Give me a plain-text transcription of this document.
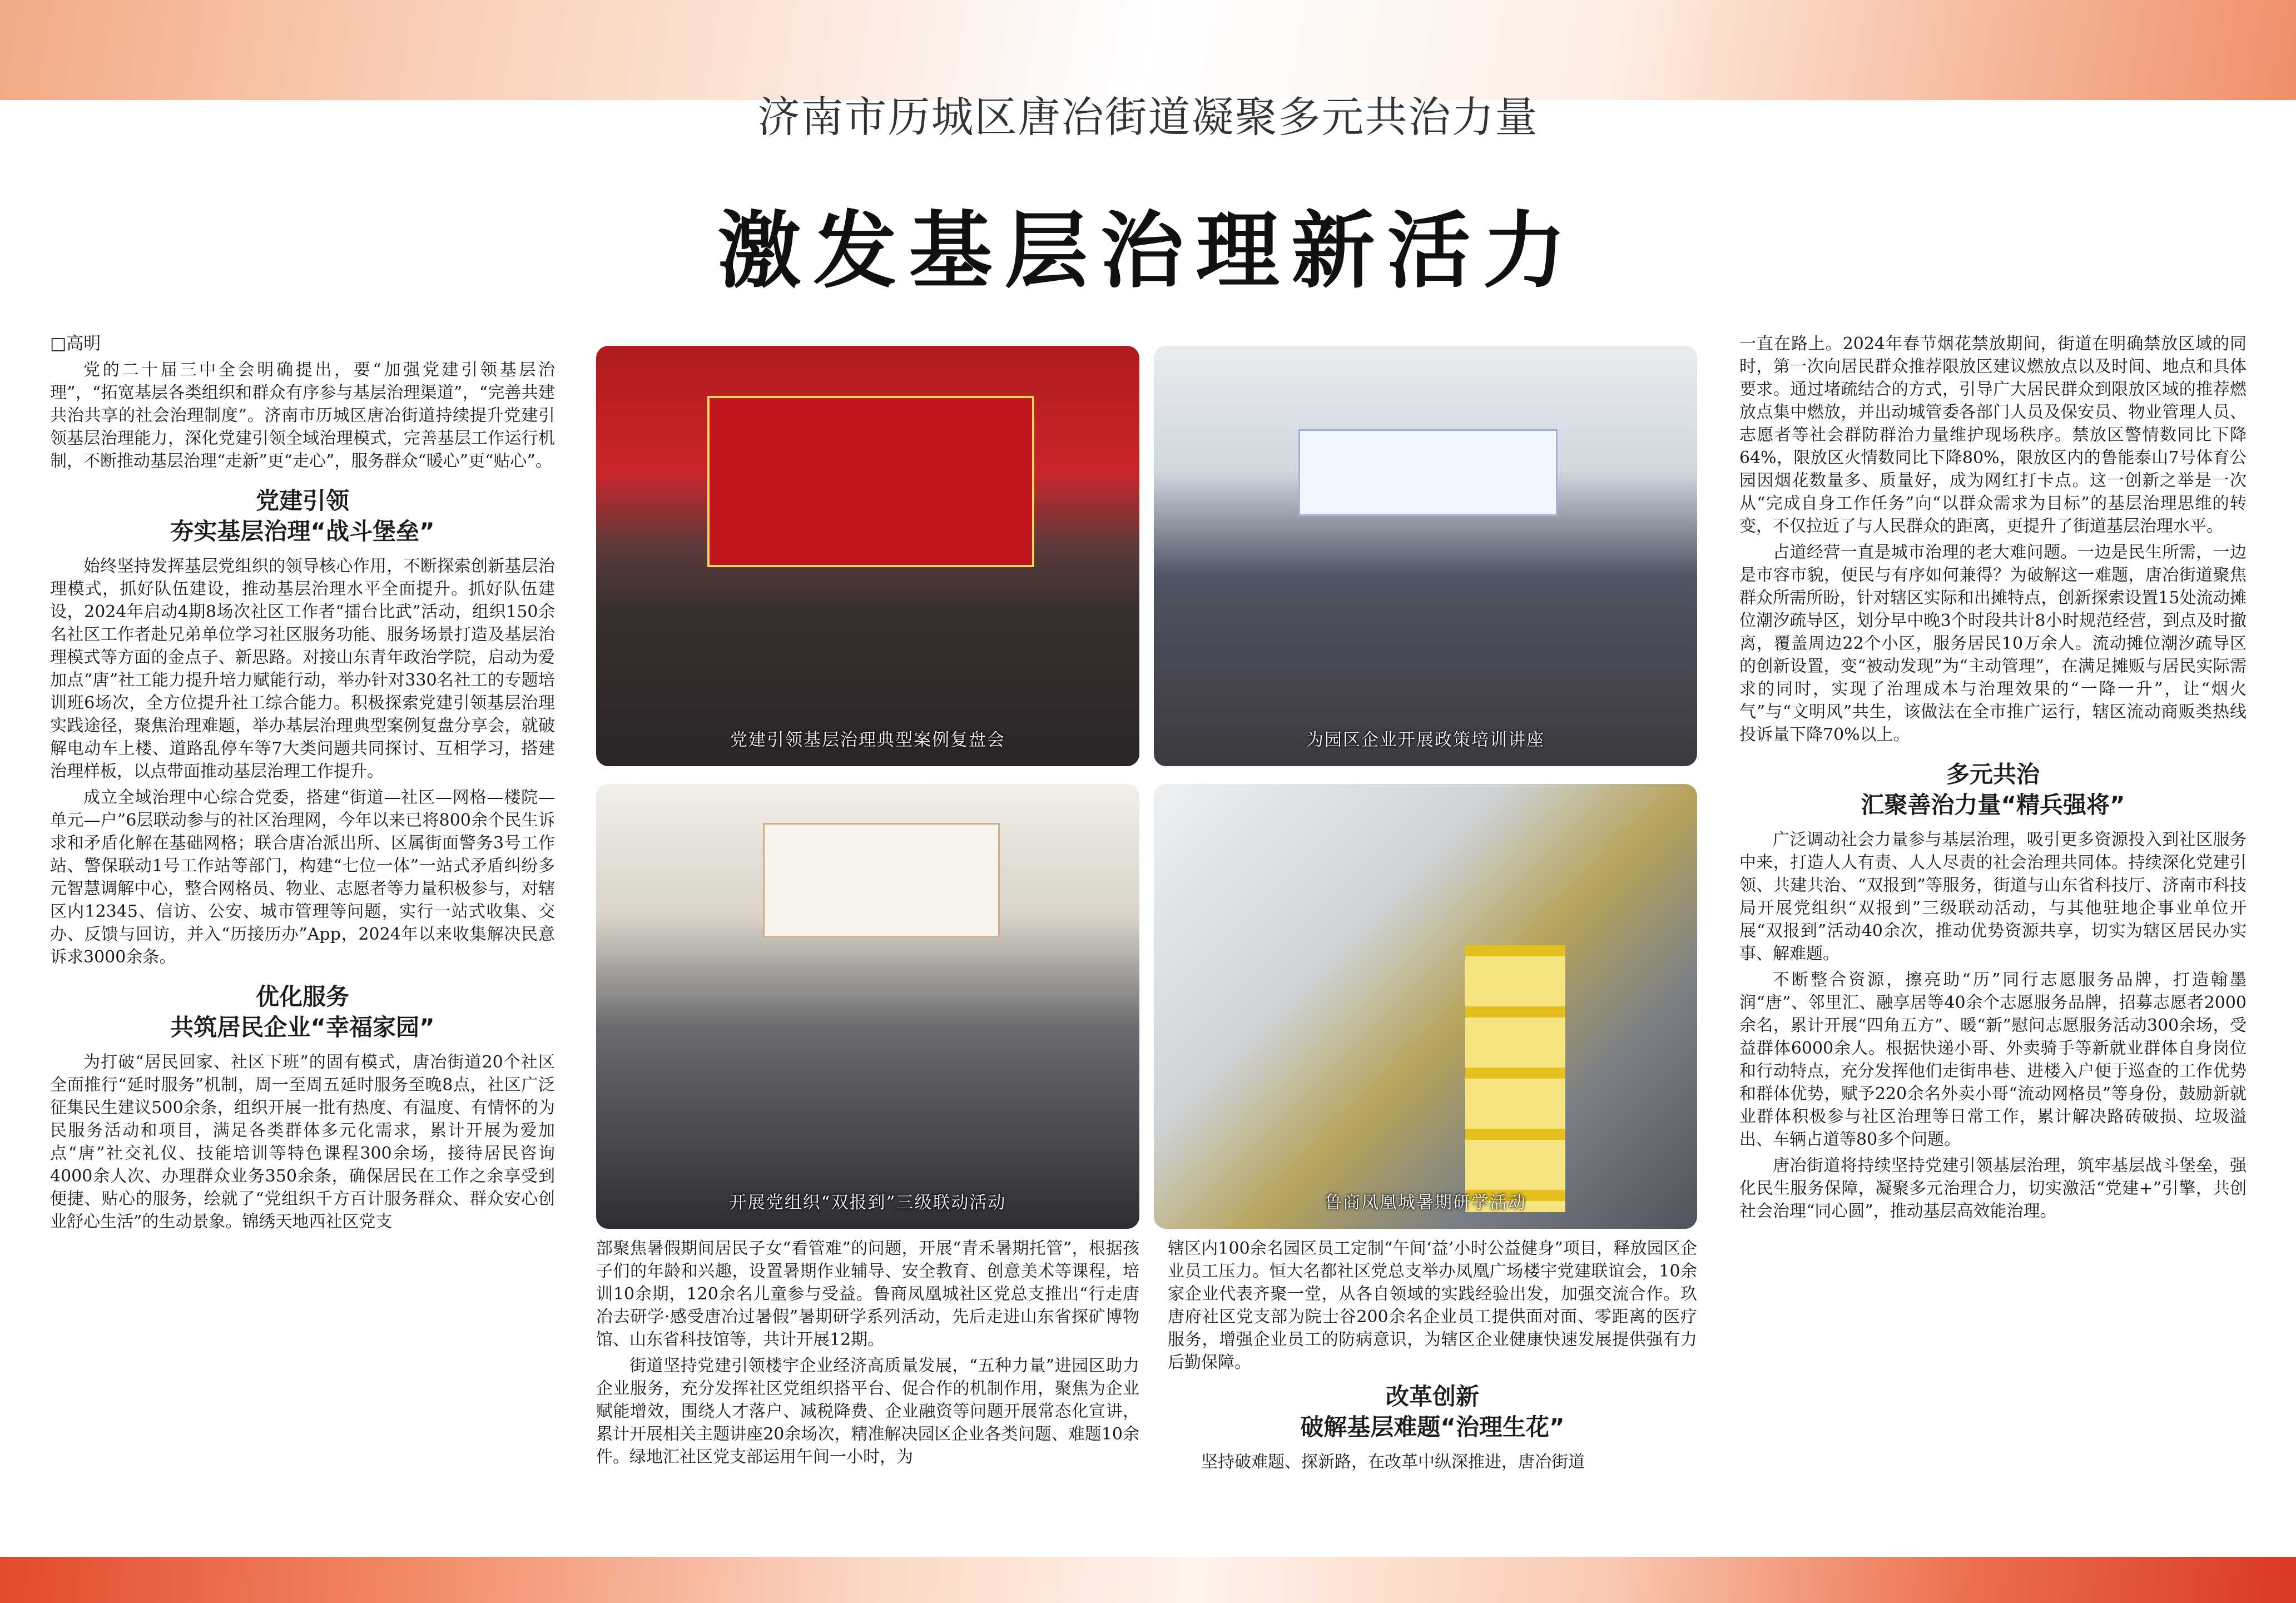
济南市历城区唐冶街道凝聚多元共治力量
激发基层治理新活力

□高明

党的二十届三中全会明确提出，要“加强党建引领基层治理”，“拓宽基层各类组织和群众有序参与基层治理渠道”，“完善共建共治共享的社会治理制度”。济南市历城区唐冶街道持续提升党建引领基层治理能力，深化党建引领全域治理模式，完善基层工作运行机制，不断推动基层治理“走新”更“走心”，服务群众“暖心”更“贴心”。

党建引领
夯实基层治理“战斗堡垒”

始终坚持发挥基层党组织的领导核心作用，不断探索创新基层治理模式，抓好队伍建设，推动基层治理水平全面提升。抓好队伍建设，2024年启动4期8场次社区工作者“擂台比武”活动，组织150余名社区工作者赴兄弟单位学习社区服务功能、服务场景打造及基层治理模式等方面的金点子、新思路。对接山东青年政治学院，启动为爱加点“唐”社工能力提升培力赋能行动，举办针对330名社工的专题培训班6场次，全方位提升社工综合能力。积极探索党建引领基层治理实践途径，聚焦治理难题，举办基层治理典型案例复盘分享会，就破解电动车上楼、道路乱停车等7大类问题共同探讨、互相学习，搭建治理样板，以点带面推动基层治理工作提升。

成立全域治理中心综合党委，搭建“街道—社区—网格—楼院—单元—户”6层联动参与的社区治理网，今年以来已将800余个民生诉求和矛盾化解在基础网格；联合唐冶派出所、区属街面警务3号工作站、警保联动1号工作站等部门，构建“七位一体”一站式矛盾纠纷多元智慧调解中心，整合网格员、物业、志愿者等力量积极参与，对辖区内12345、信访、公安、城市管理等问题，实行一站式收集、交办、反馈与回访，并入“历接历办”App，2024年以来收集解决民意诉求3000余条。

优化服务
共筑居民企业“幸福家园”

为打破“居民回家、社区下班”的固有模式，唐冶街道20个社区全面推行“延时服务”机制，周一至周五延时服务至晚8点，社区广泛征集民生建议500余条，组织开展一批有热度、有温度、有情怀的为民服务活动和项目，满足各类群体多元化需求，累计开展为爱加点“唐”社交礼仪、技能培训等特色课程300余场，接待居民咨询4000余人次、办理群众业务350余条，确保居民在工作之余享受到便捷、贴心的服务，绘就了“党组织千方百计服务群众、群众安心创业舒心生活”的生动景象。锦绣天地西社区党支

党建引领基层治理典型案例复盘会	为园区企业开展政策培训讲座
开展党组织“双报到”三级联动活动	鲁商凤凰城暑期研学活动

部聚焦暑假期间居民子女“看管难”的问题，开展“青禾暑期托管”，根据孩子们的年龄和兴趣，设置暑期作业辅导、安全教育、创意美术等课程，培训10余期，120余名儿童参与受益。鲁商凤凰城社区党总支推出“行走唐冶去研学·感受唐冶过暑假”暑期研学系列活动，先后走进山东省探矿博物馆、山东省科技馆等，共计开展12期。

街道坚持党建引领楼宇企业经济高质量发展，“五种力量”进园区助力企业服务，充分发挥社区党组织搭平台、促合作的机制作用，聚焦为企业赋能增效，围绕人才落户、减税降费、企业融资等问题开展常态化宣讲，累计开展相关主题讲座20余场次，精准解决园区企业各类问题、难题10余件。绿地汇社区党支部运用午间一小时，为

辖区内100余名园区员工定制“午间‘益’小时公益健身”项目，释放园区企业员工压力。恒大名都社区党总支举办凤凰广场楼宇党建联谊会，10余家企业代表齐聚一堂，从各自领域的实践经验出发，加强交流合作。玖唐府社区党支部为院士谷200余名企业员工提供面对面、零距离的医疗服务，增强企业员工的防病意识，为辖区企业健康快速发展提供强有力后勤保障。

改革创新
破解基层难题“治理生花”

坚持破难题、探新路，在改革中纵深推进，唐冶街道

一直在路上。2024年春节烟花禁放期间，街道在明确禁放区域的同时，第一次向居民群众推荐限放区建议燃放点以及时间、地点和具体要求。通过堵疏结合的方式，引导广大居民群众到限放区域的推荐燃放点集中燃放，并出动城管委各部门人员及保安员、物业管理人员、志愿者等社会群防群治力量维护现场秩序。禁放区警情数同比下降64%，限放区火情数同比下降80%，限放区内的鲁能泰山7号体育公园因烟花数量多、质量好，成为网红打卡点。这一创新之举是一次从“完成自身工作任务”向“以群众需求为目标”的基层治理思维的转变，不仅拉近了与人民群众的距离，更提升了街道基层治理水平。

占道经营一直是城市治理的老大难问题。一边是民生所需，一边是市容市貌，便民与有序如何兼得？为破解这一难题，唐冶街道聚焦群众所需所盼，针对辖区实际和出摊特点，创新探索设置15处流动摊位潮汐疏导区，划分早中晚3个时段共计8小时规范经营，到点及时撤离，覆盖周边22个小区，服务居民10万余人。流动摊位潮汐疏导区的创新设置，变“被动发现”为“主动管理”，在满足摊贩与居民实际需求的同时，实现了治理成本与治理效果的“一降一升”，让“烟火气”与“文明风”共生，该做法在全市推广运行，辖区流动商贩类热线投诉量下降70%以上。

多元共治
汇聚善治力量“精兵强将”

广泛调动社会力量参与基层治理，吸引更多资源投入到社区服务中来，打造人人有责、人人尽责的社会治理共同体。持续深化党建引领、共建共治、“双报到”等服务，街道与山东省科技厅、济南市科技局开展党组织“双报到”三级联动活动，与其他驻地企事业单位开展“双报到”活动40余次，推动优势资源共享，切实为辖区居民办实事、解难题。

不断整合资源，擦亮助“历”同行志愿服务品牌，打造翰墨润“唐”、邻里汇、融享居等40余个志愿服务品牌，招募志愿者2000余名，累计开展“四角五方”、暖“新”慰问志愿服务活动300余场，受益群体6000余人。根据快递小哥、外卖骑手等新就业群体自身岗位和行动特点，充分发挥他们走街串巷、进楼入户便于巡查的工作优势和群体优势，赋予220余名外卖小哥“流动网格员”等身份，鼓励新就业群体积极参与社区治理等日常工作，累计解决路砖破损、垃圾溢出、车辆占道等80多个问题。

唐冶街道将持续坚持党建引领基层治理，筑牢基层战斗堡垒，强化民生服务保障，凝聚多元治理合力，切实激活“党建+”引擎，共创社会治理“同心圆”，推动基层高效能治理。
